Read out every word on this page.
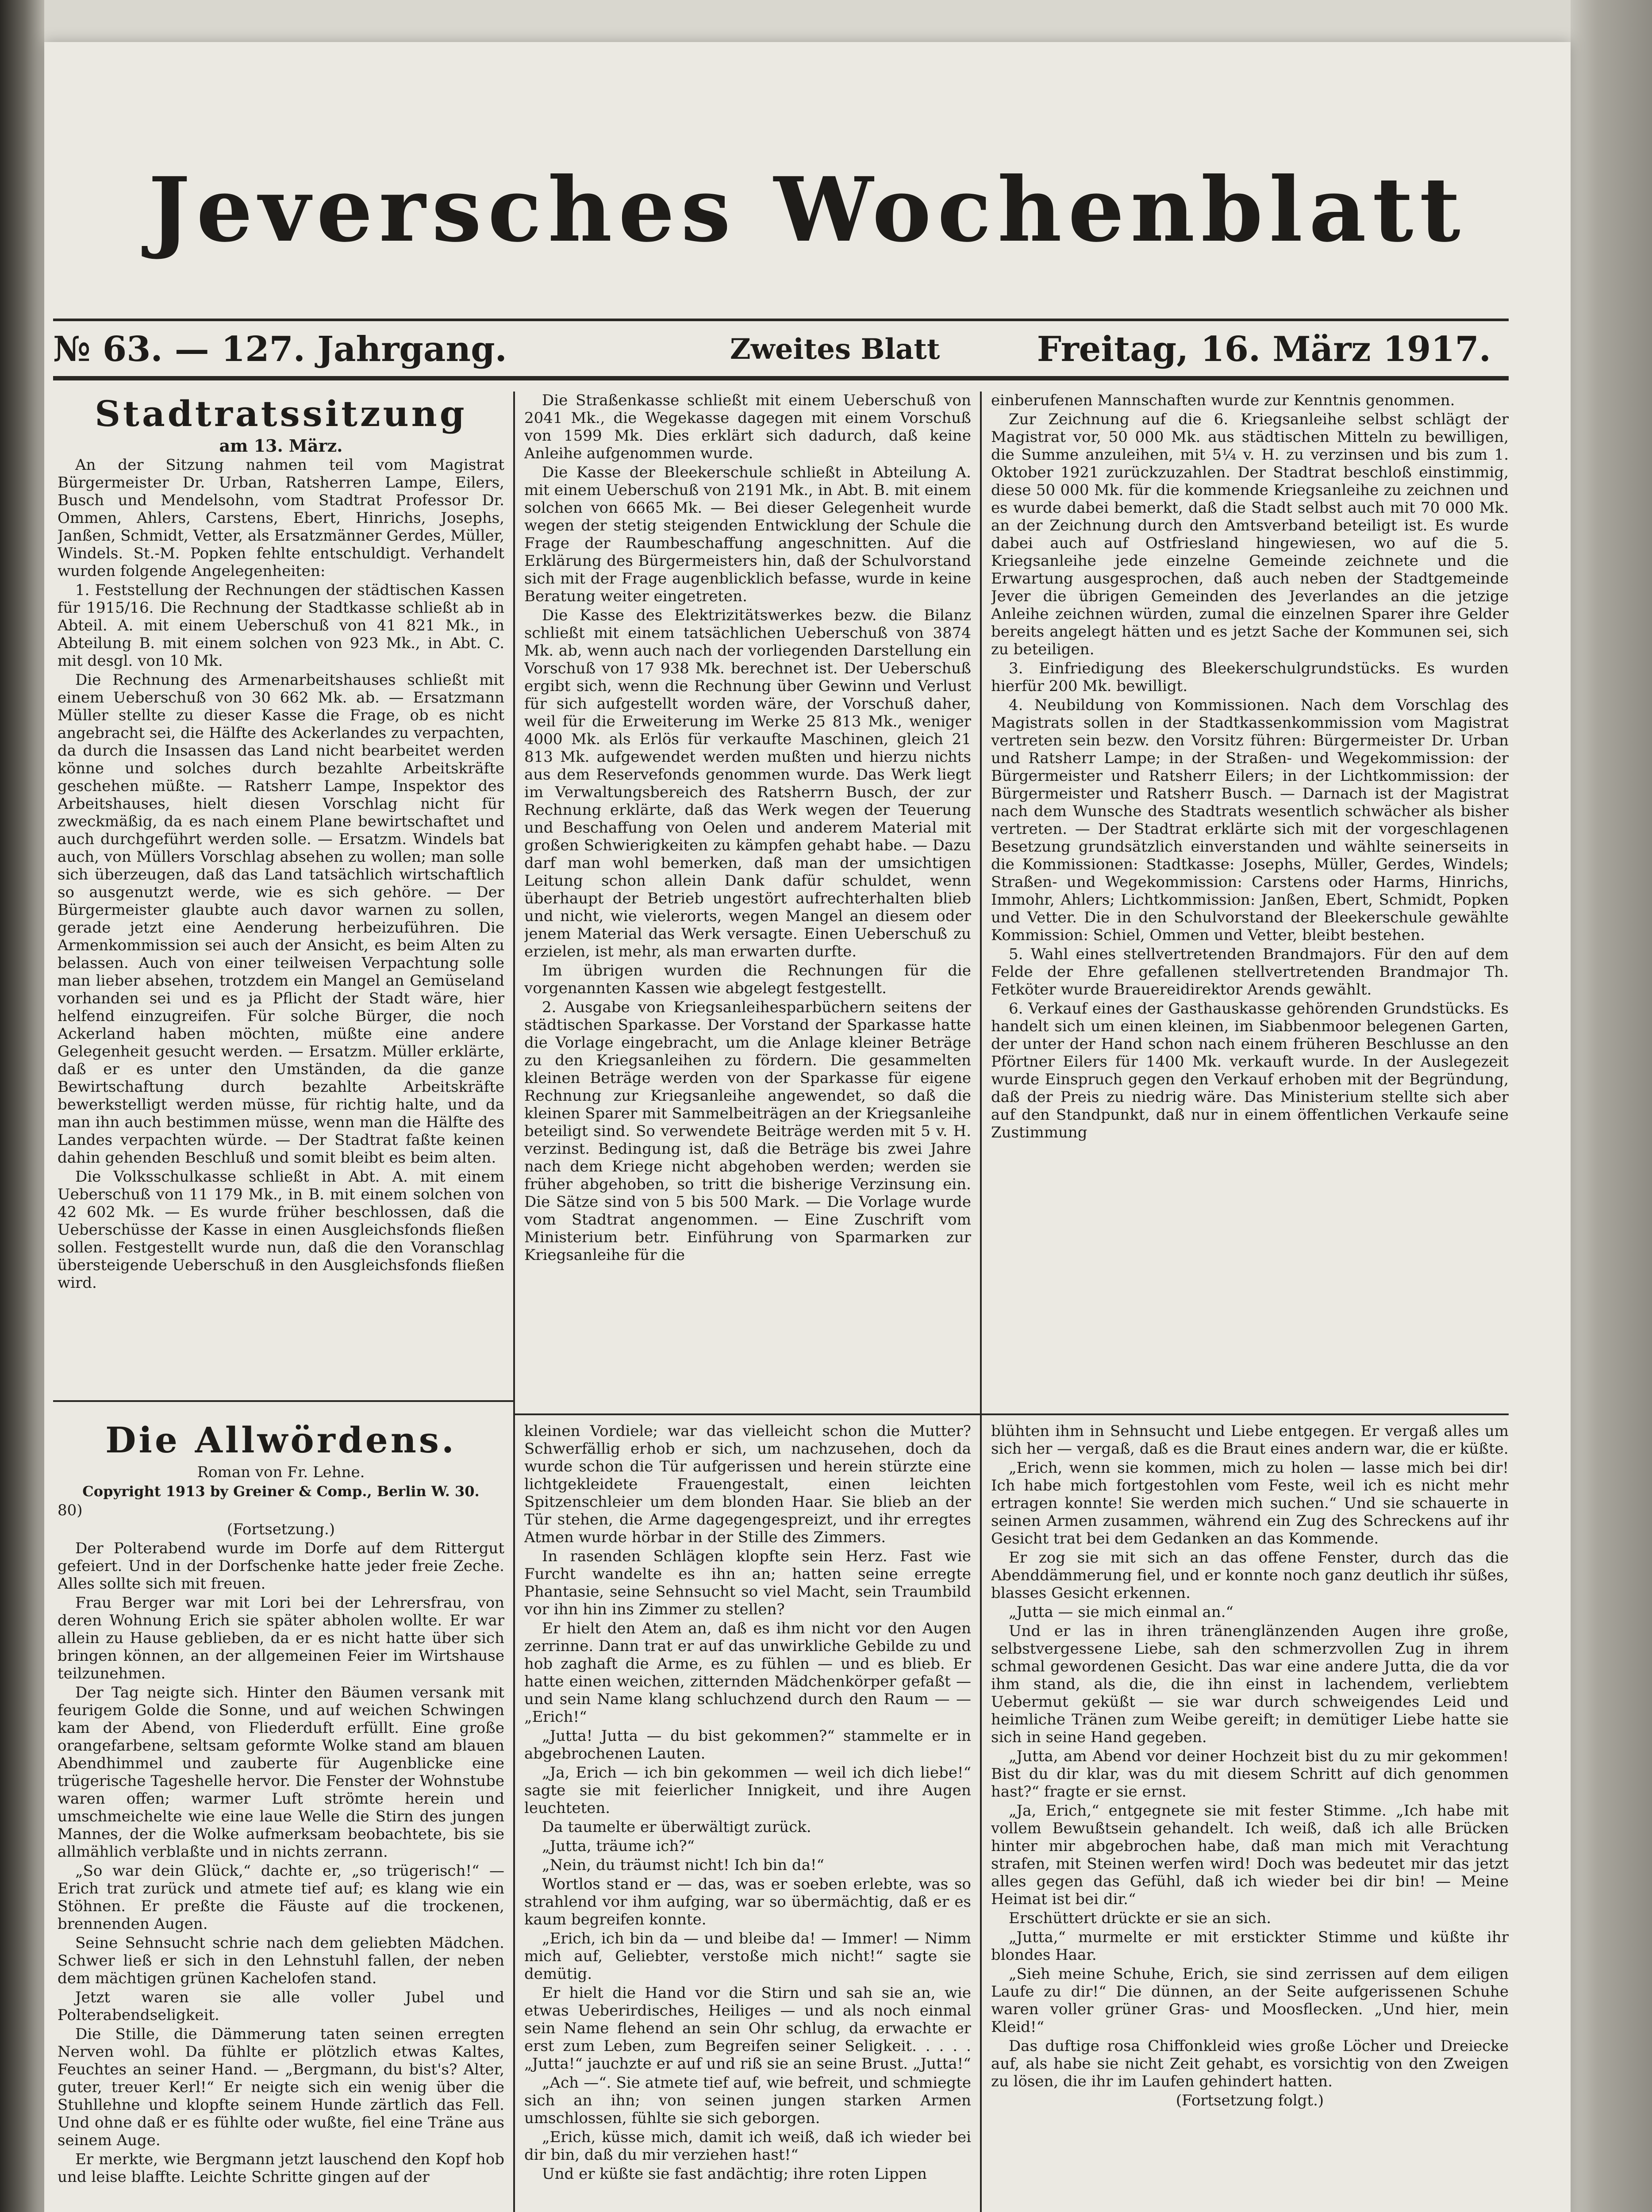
Jeversches Wochenblatt
№ 63. — 127. Jahrgang.	Zweites Blatt	Freitag, 16. März 1917.

Stadtratssitzung

am 13. März.

An der Sitzung nahmen teil vom Magistrat Bürgermeister Dr. Urban, Ratsherren Lampe, Eilers, Busch und Mendelsohn, vom Stadtrat Professor Dr. Ommen, Ahlers, Carstens, Ebert, Hinrichs, Josephs, Janßen, Schmidt, Vetter, als Ersatzmänner Gerdes, Müller, Windels. St.-M. Popken fehlte entschuldigt. Verhandelt wurden folgende Angelegenheiten:

1. Feststellung der Rechnungen der städtischen Kassen für 1915/16. Die Rechnung der Stadtkasse schließt ab in Abteil. A. mit einem Ueberschuß von 41 821 Mk., in Abteilung B. mit einem solchen von 923 Mk., in Abt. C. mit desgl. von 10 Mk.

Die Rechnung des Armenarbeitshauses schließt mit einem Ueberschuß von 30 662 Mk. ab. — Ersatzmann Müller stellte zu dieser Kasse die Frage, ob es nicht angebracht sei, die Hälfte des Ackerlandes zu verpachten, da durch die Insassen das Land nicht bearbeitet werden könne und solches durch bezahlte Arbeitskräfte geschehen müßte. — Ratsherr Lampe, Inspektor des Arbeitshauses, hielt diesen Vorschlag nicht für zweckmäßig, da es nach einem Plane bewirtschaftet und auch durchgeführt werden solle. — Ersatzm. Windels bat auch, von Müllers Vorschlag absehen zu wollen; man solle sich überzeugen, daß das Land tatsächlich wirtschaftlich so ausgenutzt werde, wie es sich gehöre. — Der Bürgermeister glaubte auch davor warnen zu sollen, gerade jetzt eine Aenderung herbeizuführen. Die Armenkommission sei auch der Ansicht, es beim Alten zu belassen. Auch von einer teilweisen Verpachtung solle man lieber absehen, trotzdem ein Mangel an Gemüseland vorhanden sei und es ja Pflicht der Stadt wäre, hier helfend einzugreifen. Für solche Bürger, die noch Ackerland haben möchten, müßte eine andere Gelegenheit gesucht werden. — Ersatzm. Müller erklärte, daß er es unter den Umständen, da die ganze Bewirtschaftung durch bezahlte Arbeitskräfte bewerkstelligt werden müsse, für richtig halte, und da man ihn auch bestimmen müsse, wenn man die Hälfte des Landes verpachten würde. — Der Stadtrat faßte keinen dahin gehenden Beschluß und somit bleibt es beim alten.

Die Volksschulkasse schließt in Abt. A. mit einem Ueberschuß von 11 179 Mk., in B. mit einem solchen von 42 602 Mk. — Es wurde früher beschlossen, daß die Ueberschüsse der Kasse in einen Ausgleichsfonds fließen sollen. Festgestellt wurde nun, daß die den Voranschlag übersteigende Ueberschuß in den Ausgleichsfonds fließen wird.

Die Straßenkasse schließt mit einem Ueberschuß von 2041 Mk., die Wegekasse dagegen mit einem Vorschuß von 1599 Mk. Dies erklärt sich dadurch, daß keine Anleihe aufgenommen wurde.

Die Kasse der Bleekerschule schließt in Abteilung A. mit einem Ueberschuß von 2191 Mk., in Abt. B. mit einem solchen von 6665 Mk. — Bei dieser Gelegenheit wurde wegen der stetig steigenden Entwicklung der Schule die Frage der Raumbeschaffung angeschnitten. Auf die Erklärung des Bürgermeisters hin, daß der Schulvorstand sich mit der Frage augenblicklich befasse, wurde in keine Beratung weiter eingetreten.

Die Kasse des Elektrizitätswerkes bezw. die Bilanz schließt mit einem tatsächlichen Ueberschuß von 3874 Mk. ab, wenn auch nach der vorliegenden Darstellung ein Vorschuß von 17 938 Mk. berechnet ist. Der Ueberschuß ergibt sich, wenn die Rechnung über Gewinn und Verlust für sich aufgestellt worden wäre, der Vorschuß daher, weil für die Erweiterung im Werke 25 813 Mk., weniger 4000 Mk. als Erlös für verkaufte Maschinen, gleich 21 813 Mk. aufgewendet werden mußten und hierzu nichts aus dem Reservefonds genommen wurde. Das Werk liegt im Verwaltungsbereich des Ratsherrn Busch, der zur Rechnung erklärte, daß das Werk wegen der Teuerung und Beschaffung von Oelen und anderem Material mit großen Schwierigkeiten zu kämpfen gehabt habe. — Dazu darf man wohl bemerken, daß man der umsichtigen Leitung schon allein Dank dafür schuldet, wenn überhaupt der Betrieb ungestört aufrechterhalten blieb und nicht, wie vielerorts, wegen Mangel an diesem oder jenem Material das Werk versagte. Einen Ueberschuß zu erzielen, ist mehr, als man erwarten durfte.

Im übrigen wurden die Rechnungen für die vorgenannten Kassen wie abgelegt festgestellt.

2. Ausgabe von Kriegsanleihesparbüchern seitens der städtischen Sparkasse. Der Vorstand der Sparkasse hatte die Vorlage eingebracht, um die Anlage kleiner Beträge zu den Kriegsanleihen zu fördern. Die gesammelten kleinen Beträge werden von der Sparkasse für eigene Rechnung zur Kriegsanleihe angewendet, so daß die kleinen Sparer mit Sammelbeiträgen an der Kriegsanleihe beteiligt sind. So verwendete Beiträge werden mit 5 v. H. verzinst. Bedingung ist, daß die Beträge bis zwei Jahre nach dem Kriege nicht abgehoben werden; werden sie früher abgehoben, so tritt die bisherige Verzinsung ein. Die Sätze sind von 5 bis 500 Mark. — Die Vorlage wurde vom Stadtrat angenommen. — Eine Zuschrift vom Ministerium betr. Einführung von Sparmarken zur Kriegsanleihe für die

einberufenen Mannschaften wurde zur Kenntnis genommen.

Zur Zeichnung auf die 6. Kriegsanleihe selbst schlägt der Magistrat vor, 50 000 Mk. aus städtischen Mitteln zu bewilligen, die Summe anzuleihen, mit 5¼ v. H. zu verzinsen und bis zum 1. Oktober 1921 zurückzuzahlen. Der Stadtrat beschloß einstimmig, diese 50 000 Mk. für die kommende Kriegsanleihe zu zeichnen und es wurde dabei bemerkt, daß die Stadt selbst auch mit 70 000 Mk. an der Zeichnung durch den Amtsverband beteiligt ist. Es wurde dabei auch auf Ostfriesland hingewiesen, wo auf die 5. Kriegsanleihe jede einzelne Gemeinde zeichnete und die Erwartung ausgesprochen, daß auch neben der Stadtgemeinde Jever die übrigen Gemeinden des Jeverlandes an die jetzige Anleihe zeichnen würden, zumal die einzelnen Sparer ihre Gelder bereits angelegt hätten und es jetzt Sache der Kommunen sei, sich zu beteiligen.

3. Einfriedigung des Bleekerschulgrundstücks. Es wurden hierfür 200 Mk. bewilligt.

4. Neubildung von Kommissionen. Nach dem Vorschlag des Magistrats sollen in der Stadtkassenkommission vom Magistrat vertreten sein bezw. den Vorsitz führen: Bürgermeister Dr. Urban und Ratsherr Lampe; in der Straßen- und Wegekommission: der Bürgermeister und Ratsherr Eilers; in der Lichtkommission: der Bürgermeister und Ratsherr Busch. — Darnach ist der Magistrat nach dem Wunsche des Stadtrats wesentlich schwächer als bisher vertreten. — Der Stadtrat erklärte sich mit der vorgeschlagenen Besetzung grundsätzlich einverstanden und wählte seinerseits in die Kommissionen: Stadtkasse: Josephs, Müller, Gerdes, Windels; Straßen- und Wegekommission: Carstens oder Harms, Hinrichs, Immohr, Ahlers; Lichtkommission: Janßen, Ebert, Schmidt, Popken und Vetter. Die in den Schulvorstand der Bleekerschule gewählte Kommission: Schiel, Ommen und Vetter, bleibt bestehen.

5. Wahl eines stellvertretenden Brandmajors. Für den auf dem Felde der Ehre gefallenen stellvertretenden Brandmajor Th. Fetköter wurde Brauereidirektor Arends gewählt.

6. Verkauf eines der Gasthauskasse gehörenden Grundstücks. Es handelt sich um einen kleinen, im Siabbenmoor belegenen Garten, der unter der Hand schon nach einem früheren Beschlusse an den Pförtner Eilers für 1400 Mk. verkauft wurde. In der Auslegezeit wurde Einspruch gegen den Verkauf erhoben mit der Begründung, daß der Preis zu niedrig wäre. Das Ministerium stellte sich aber auf den Standpunkt, daß nur in einem öffentlichen Verkaufe seine Zustimmung

Die Allwördens.

Roman von Fr. Lehne.

Copyright 1913 by Greiner & Comp., Berlin W. 30.

80)

(Fortsetzung.)

Der Polterabend wurde im Dorfe auf dem Rittergut gefeiert. Und in der Dorfschenke hatte jeder freie Zeche. Alles sollte sich mit freuen.

Frau Berger war mit Lori bei der Lehrersfrau, von deren Wohnung Erich sie später abholen wollte. Er war allein zu Hause geblieben, da er es nicht hatte über sich bringen können, an der allgemeinen Feier im Wirtshause teilzunehmen.

Der Tag neigte sich. Hinter den Bäumen versank mit feurigem Golde die Sonne, und auf weichen Schwingen kam der Abend, von Fliederduft erfüllt. Eine große orangefarbene, seltsam geformte Wolke stand am blauen Abendhimmel und zauberte für Augenblicke eine trügerische Tageshelle hervor. Die Fenster der Wohnstube waren offen; warmer Luft strömte herein und umschmeichelte wie eine laue Welle die Stirn des jungen Mannes, der die Wolke aufmerksam beobachtete, bis sie allmählich verblaßte und in nichts zerrann.

„So war dein Glück,“ dachte er, „so trügerisch!“ — Erich trat zurück und atmete tief auf; es klang wie ein Stöhnen. Er preßte die Fäuste auf die trockenen, brennenden Augen.

Seine Sehnsucht schrie nach dem geliebten Mädchen. Schwer ließ er sich in den Lehnstuhl fallen, der neben dem mächtigen grünen Kachelofen stand.

Jetzt waren sie alle voller Jubel und Polterabendseligkeit.

Die Stille, die Dämmerung taten seinen erregten Nerven wohl. Da fühlte er plötzlich etwas Kaltes, Feuchtes an seiner Hand. — „Bergmann, du bist's? Alter, guter, treuer Kerl!“ Er neigte sich ein wenig über die Stuhllehne und klopfte seinem Hunde zärtlich das Fell. Und ohne daß er es fühlte oder wußte, fiel eine Träne aus seinem Auge.

Er merkte, wie Bergmann jetzt lauschend den Kopf hob und leise blaffte. Leichte Schritte gingen auf der

kleinen Vordiele; war das vielleicht schon die Mutter? Schwerfällig erhob er sich, um nachzusehen, doch da wurde schon die Tür aufgerissen und herein stürzte eine lichtgekleidete Frauengestalt, einen leichten Spitzenschleier um dem blonden Haar. Sie blieb an der Tür stehen, die Arme dagegengespreizt, und ihr erregtes Atmen wurde hörbar in der Stille des Zimmers.

In rasenden Schlägen klopfte sein Herz. Fast wie Furcht wandelte es ihn an; hatten seine erregte Phantasie, seine Sehnsucht so viel Macht, sein Traumbild vor ihn hin ins Zimmer zu stellen?

Er hielt den Atem an, daß es ihm nicht vor den Augen zerrinne. Dann trat er auf das unwirkliche Gebilde zu und hob zaghaft die Arme, es zu fühlen — und es blieb. Er hatte einen weichen, zitternden Mädchenkörper gefaßt — und sein Name klang schluchzend durch den Raum — — „Erich!“

„Jutta! Jutta — du bist gekommen?“ stammelte er in abgebrochenen Lauten.

„Ja, Erich — ich bin gekommen — weil ich dich liebe!“ sagte sie mit feierlicher Innigkeit, und ihre Augen leuchteten.

Da taumelte er überwältigt zurück.

„Jutta, träume ich?“

„Nein, du träumst nicht! Ich bin da!“

Wortlos stand er — das, was er soeben erlebte, was so strahlend vor ihm aufging, war so übermächtig, daß er es kaum begreifen konnte.

„Erich, ich bin da — und bleibe da! — Immer! — Nimm mich auf, Geliebter, verstoße mich nicht!“ sagte sie demütig.

Er hielt die Hand vor die Stirn und sah sie an, wie etwas Ueberirdisches, Heiliges — und als noch einmal sein Name flehend an sein Ohr schlug, da erwachte er erst zum Leben, zum Begreifen seiner Seligkeit. . . . . „Jutta!“ jauchzte er auf und riß sie an seine Brust. „Jutta!“

„Ach —“. Sie atmete tief auf, wie befreit, und schmiegte sich an ihn; von seinen jungen starken Armen umschlossen, fühlte sie sich geborgen.

„Erich, küsse mich, damit ich weiß, daß ich wieder bei dir bin, daß du mir verziehen hast!“

Und er küßte sie fast andächtig; ihre roten Lippen

blühten ihm in Sehnsucht und Liebe entgegen. Er vergaß alles um sich her — vergaß, daß es die Braut eines andern war, die er küßte.

„Erich, wenn sie kommen, mich zu holen — lasse mich bei dir! Ich habe mich fortgestohlen vom Feste, weil ich es nicht mehr ertragen konnte! Sie werden mich suchen.“ Und sie schauerte in seinen Armen zusammen, während ein Zug des Schreckens auf ihr Gesicht trat bei dem Gedanken an das Kommende.

Er zog sie mit sich an das offene Fenster, durch das die Abenddämmerung fiel, und er konnte noch ganz deutlich ihr süßes, blasses Gesicht erkennen.

„Jutta — sie mich einmal an.“

Und er las in ihren tränenglänzenden Augen ihre große, selbstvergessene Liebe, sah den schmerzvollen Zug in ihrem schmal gewordenen Gesicht. Das war eine andere Jutta, die da vor ihm stand, als die, die ihn einst in lachendem, verliebtem Uebermut geküßt — sie war durch schweigendes Leid und heimliche Tränen zum Weibe gereift; in demütiger Liebe hatte sie sich in seine Hand gegeben.

„Jutta, am Abend vor deiner Hochzeit bist du zu mir gekommen! Bist du dir klar, was du mit diesem Schritt auf dich genommen hast?“ fragte er sie ernst.

„Ja, Erich,“ entgegnete sie mit fester Stimme. „Ich habe mit vollem Bewußtsein gehandelt. Ich weiß, daß ich alle Brücken hinter mir abgebrochen habe, daß man mich mit Verachtung strafen, mit Steinen werfen wird! Doch was bedeutet mir das jetzt alles gegen das Gefühl, daß ich wieder bei dir bin! — Meine Heimat ist bei dir.“

Erschüttert drückte er sie an sich.

„Jutta,“ murmelte er mit erstickter Stimme und küßte ihr blondes Haar.

„Sieh meine Schuhe, Erich, sie sind zerrissen auf dem eiligen Laufe zu dir!“ Die dünnen, an der Seite aufgerissenen Schuhe waren voller grüner Gras- und Moosflecken. „Und hier, mein Kleid!“

Das duftige rosa Chiffonkleid wies große Löcher und Dreiecke auf, als habe sie nicht Zeit gehabt, es vorsichtig von den Zweigen zu lösen, die ihr im Laufen gehindert hatten.

(Fortsetzung folgt.)
